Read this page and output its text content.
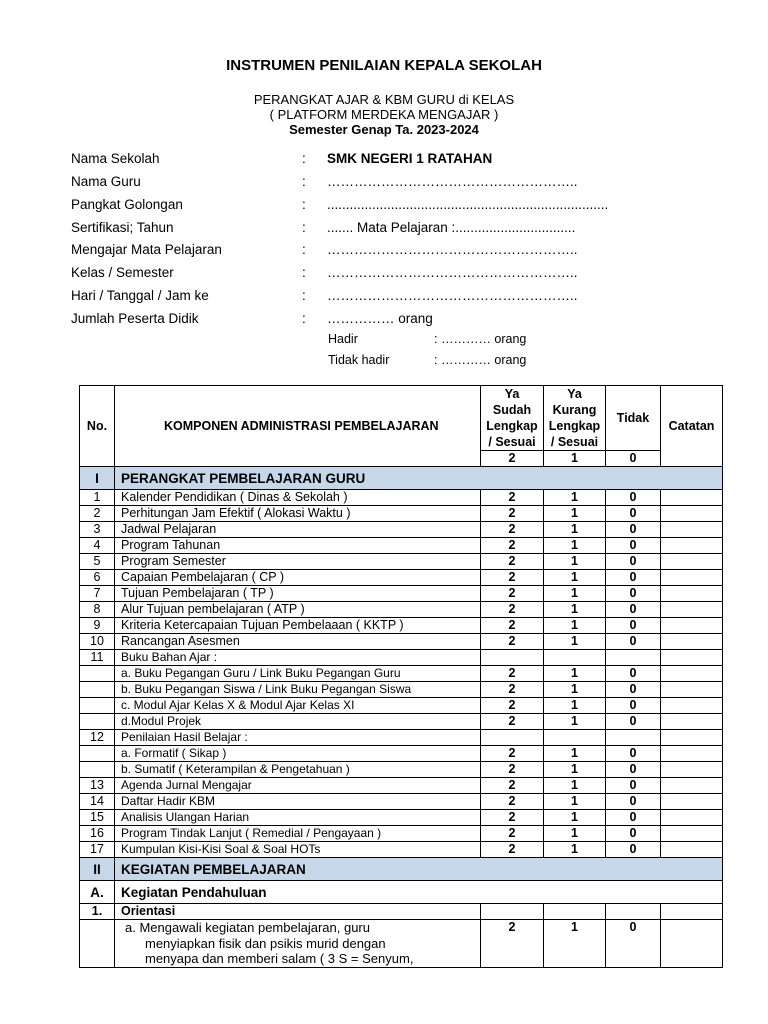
INSTRUMEN PENILAIAN KEPALA SEKOLAH
PERANGKAT AJAR & KBM GURU di KELAS
( PLATFORM MERDEKA MENGAJAR )
Semester Genap Ta. 2023-2024
Nama Sekolah	: SMK NEGERI 1 RATAHAN
Nama Guru	: ………………………………………………..
Pangkat Golongan	: ...........................................................................
Sertifikasi; Tahun	: ....... Mata Pelajaran :................................
Mengajar Mata Pelajaran	: ………………………………………………..
Kelas / Semester	: ………………………………………………..
Hari / Tanggal / Jam ke	: ………………………………………………..
Jumlah Peserta Didik	: …………… orang
Hadir	: ………… orang
Tidak hadir	: ………… orang
No.	KOMPONEN ADMINISTRASI PEMBELAJARAN	Ya Sudah Lengkap / Sesuai	Ya Kurang Lengkap / Sesuai	Tidak	Catatan
		2	1	0	
I	PERANGKAT PEMBELAJARAN GURU				
1	Kalender Pendidikan ( Dinas & Sekolah )	2	1	0	
2	Perhitungan Jam Efektif ( Alokasi Waktu )	2	1	0	
3	Jadwal Pelajaran	2	1	0	
4	Program Tahunan	2	1	0	
5	Program Semester	2	1	0	
6	Capaian Pembelajaran ( CP )	2	1	0	
7	Tujuan Pembelajaran ( TP )	2	1	0	
8	Alur Tujuan pembelajaran ( ATP )	2	1	0	
9	Kriteria Ketercapaian Tujuan Pembelaaan ( KKTP )	2	1	0	
10	Rancangan Asesmen	2	1	0	
11	Buku Bahan Ajar :				
	a. Buku Pegangan Guru / Link Buku Pegangan Guru	2	1	0	
	b. Buku Pegangan Siswa / Link Buku Pegangan Siswa	2	1	0	
	c. Modul Ajar Kelas X & Modul Ajar Kelas XI	2	1	0	
	d.Modul Projek	2	1	0	
12	Penilaian Hasil Belajar :				
	a. Formatif ( Sikap )	2	1	0	
	b. Sumatif ( Keterampilan & Pengetahuan )	2	1	0	
13	Agenda Jurnal Mengajar	2	1	0	
14	Daftar Hadir KBM	2	1	0	
15	Analisis Ulangan Harian	2	1	0	
16	Program Tindak Lanjut ( Remedial / Pengayaan )	2	1	0	
17	Kumpulan Kisi-Kisi Soal & Soal HOTs	2	1	0	
II	KEGIATAN PEMBELAJARAN				
A.	Kegiatan Pendahuluan				
1.	Orientasi				

	a. Mengawali kegiatan pembelajaran, guru
menyiapkan fisik dan psikis murid dengan
menyapa dan memberi salam ( 3 S = Senyum,	2	1	0	
